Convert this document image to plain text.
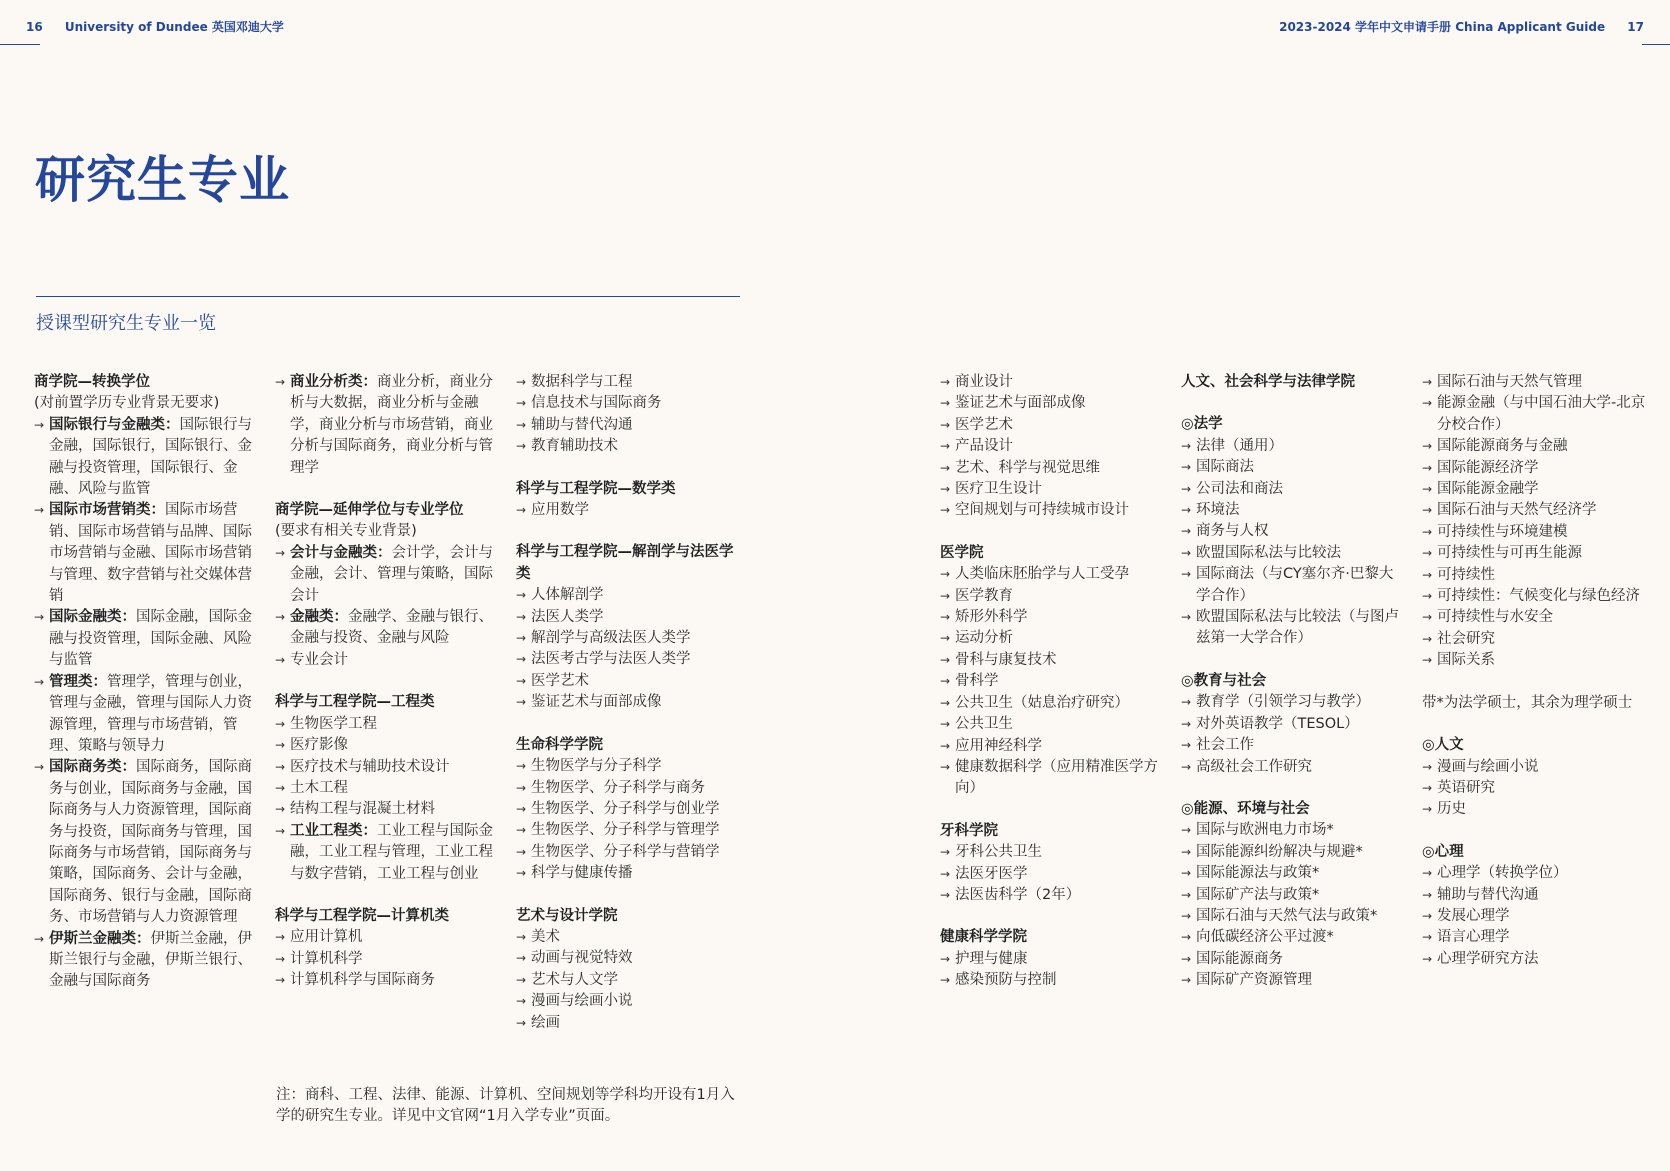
16 University of Dundee 英国邓迪大学	2023-2024 学年中文申请手册 China Applicant Guide 17
研究生专业
授课型研究生专业一览
商学院—转换学位
(对前置学历专业背景无要求)
→ 国际银行与金融类：国际银行与金融，国际银行，国际银行、金融与投资管理，国际银行、金融、风险与监管
→ 国际市场营销类：国际市场营销、国际市场营销与品牌、国际市场营销与金融、国际市场营销与管理、数字营销与社交媒体营销
→ 国际金融类：国际金融，国际金融与投资管理，国际金融、风险与监管
→ 管理类：管理学，管理与创业，管理与金融，管理与国际人力资源管理，管理与市场营销，管理、策略与领导力
→ 国际商务类：国际商务，国际商务与创业，国际商务与金融，国际商务与人力资源管理，国际商务与投资，国际商务与管理，国际商务与市场营销，国际商务与策略，国际商务、会计与金融，国际商务、银行与金融，国际商务、市场营销与人力资源管理
→ 伊斯兰金融类：伊斯兰金融，伊斯兰银行与金融，伊斯兰银行、金融与国际商务
→ 商业分析类：商业分析，商业分析与大数据，商业分析与金融学，商业分析与市场营销，商业分析与国际商务，商业分析与管理学
商学院—延伸学位与专业学位
(要求有相关专业背景)
→ 会计与金融类：会计学，会计与金融，会计、管理与策略，国际会计
→ 金融类：金融学、金融与银行、金融与投资、金融与风险
→ 专业会计
科学与工程学院—工程类
→ 生物医学工程
→ 医疗影像
→ 医疗技术与辅助技术设计
→ 土木工程
→ 结构工程与混凝土材料
→ 工业工程类：工业工程与国际金融，工业工程与管理，工业工程与数字营销，工业工程与创业
科学与工程学院—计算机类
→ 应用计算机
→ 计算机科学
→ 计算机科学与国际商务
→ 数据科学与工程
→ 信息技术与国际商务
→ 辅助与替代沟通
→ 教育辅助技术
科学与工程学院—数学类
→ 应用数学
科学与工程学院—解剖学与法医学类
→ 人体解剖学
→ 法医人类学
→ 解剖学与高级法医人类学
→ 法医考古学与法医人类学
→ 医学艺术
→ 鉴证艺术与面部成像
生命科学学院
→ 生物医学与分子科学
→ 生物医学、分子科学与商务
→ 生物医学、分子科学与创业学
→ 生物医学、分子科学与管理学
→ 生物医学、分子科学与营销学
→ 科学与健康传播
艺术与设计学院
→ 美术
→ 动画与视觉特效
→ 艺术与人文学
→ 漫画与绘画小说
→ 绘画
→ 商业设计
→ 鉴证艺术与面部成像
→ 医学艺术
→ 产品设计
→ 艺术、科学与视觉思维
→ 医疗卫生设计
→ 空间规划与可持续城市设计
医学院
→ 人类临床胚胎学与人工受孕
→ 医学教育
→ 矫形外科学
→ 运动分析
→ 骨科与康复技术
→ 骨科学
→ 公共卫生（姑息治疗研究）
→ 公共卫生
→ 应用神经科学
→ 健康数据科学（应用精准医学方向）
牙科学院
→ 牙科公共卫生
→ 法医牙医学
→ 法医齿科学（2年）
健康科学学院
→ 护理与健康
→ 感染预防与控制
人文、社会科学与法律学院
◎法学
→ 法律（通用）
→ 国际商法
→ 公司法和商法
→ 环境法
→ 商务与人权
→ 欧盟国际私法与比较法
→ 国际商法（与CY塞尔齐·巴黎大学合作）
→ 欧盟国际私法与比较法（与图卢兹第一大学合作）
◎教育与社会
→ 教育学（引领学习与教学）
→ 对外英语教学（TESOL）
→ 社会工作
→ 高级社会工作研究
◎能源、环境与社会
→ 国际与欧洲电力市场*
→ 国际能源纠纷解决与规避*
→ 国际能源法与政策*
→ 国际矿产法与政策*
→ 国际石油与天然气法与政策*
→ 向低碳经济公平过渡*
→ 国际能源商务
→ 国际矿产资源管理
→ 国际石油与天然气管理
→ 能源金融（与中国石油大学-北京分校合作）
→ 国际能源商务与金融
→ 国际能源经济学
→ 国际能源金融学
→ 国际石油与天然气经济学
→ 可持续性与环境建模
→ 可持续性与可再生能源
→ 可持续性
→ 可持续性：气候变化与绿色经济
→ 可持续性与水安全
→ 社会研究
→ 国际关系
带*为法学硕士，其余为理学硕士
◎人文
→ 漫画与绘画小说
→ 英语研究
→ 历史
◎心理
→ 心理学（转换学位）
→ 辅助与替代沟通
→ 发展心理学
→ 语言心理学
→ 心理学研究方法
注：商科、工程、法律、能源、计算机、空间规划等学科均开设有1月入学的研究生专业。详见中文官网“1月入学专业”页面。
